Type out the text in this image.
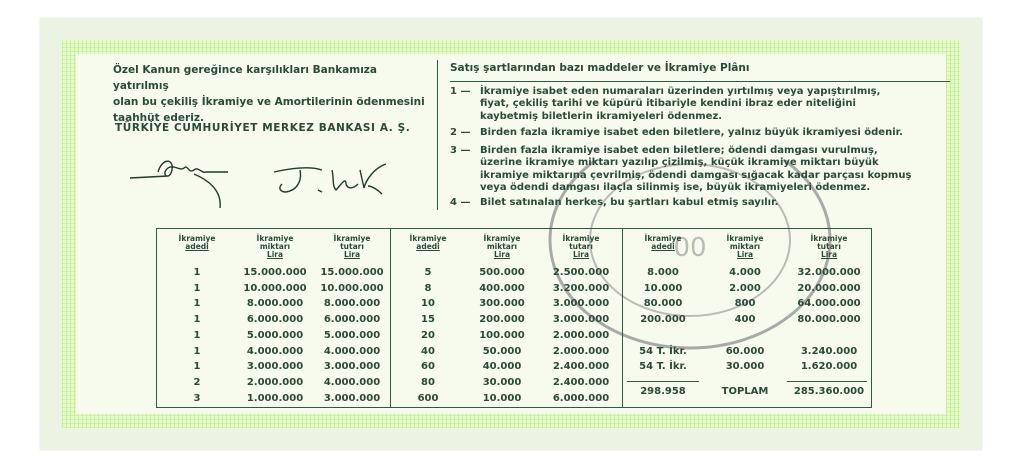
Özel Kanun gereğince karşılıkları Bankamıza yatırılmış
olan bu çekiliş İkramiye ve Amortilerinin ödenmesini
taahhüt ederiz.
TÜRKİYE CUMHURİYET MERKEZ BANKASI A. Ş.
Satış şartlarından bazı maddeler ve İkramiye Plânı
1 — İkramiye isabet eden numaraları üzerinden yırtılmış veya yapıştırılmış,
fiyat, çekiliş tarihi ve küpürü itibariyle kendini ibraz eder niteliğini
kaybetmiş biletlerin ikramiyeleri ödenmez.
2 — Birden fazla ikramiye isabet eden biletlere, yalnız büyük ikramiyesi ödenir.
3 — Birden fazla ikramiye isabet eden biletlere; ödendi damgası vurulmuş,
üzerine ikramiye miktarı yazılıp çizilmiş, küçük ikramiye miktarı büyük
ikramiye miktarına çevrilmiş, ödendi damgası sığacak kadar parçası kopmuş
veya ödendi damgası ilaçla silinmiş ise, büyük ikramiyeleri ödenmez.
4 — Bilet satınalan herkes, bu şartları kabul etmiş sayılır.
İkramiye
adedi
İkramiye
miktarı
Lira
İkramiye
tutarı
Lira
1	15.000.000	15.000.000
1	10.000.000	10.000.000
1	8.000.000	8.000.000
1	6.000.000	6.000.000
1	5.000.000	5.000.000
1	4.000.000	4.000.000
1	3.000.000	3.000.000
2	2.000.000	4.000.000
3	1.000.000	3.000.000
İkramiye
adedi
İkramiye
miktarı
Lira
İkramiye
tutarı
Lira
5	500.000	2.500.000
8	400.000	3.200.000
10	300.000	3.000.000
15	200.000	3.000.000
20	100.000	2.000.000
40	50.000	2.000.000
60	40.000	2.400.000
80	30.000	2.400.000
600	10.000	6.000.000
İkramiye
adedi
İkramiye
miktarı
Lira
İkramiye
tutarı
Lira
8.000	4.000	32.000.000
10.000	2.000	20.000.000
80.000	800	64.000.000
200.000	400	80.000.000
54 T. İkr.	60.000	3.240.000
54 T. İkr.	30.000	1.620.000
298.958	TOPLAM	285.360.000
00
